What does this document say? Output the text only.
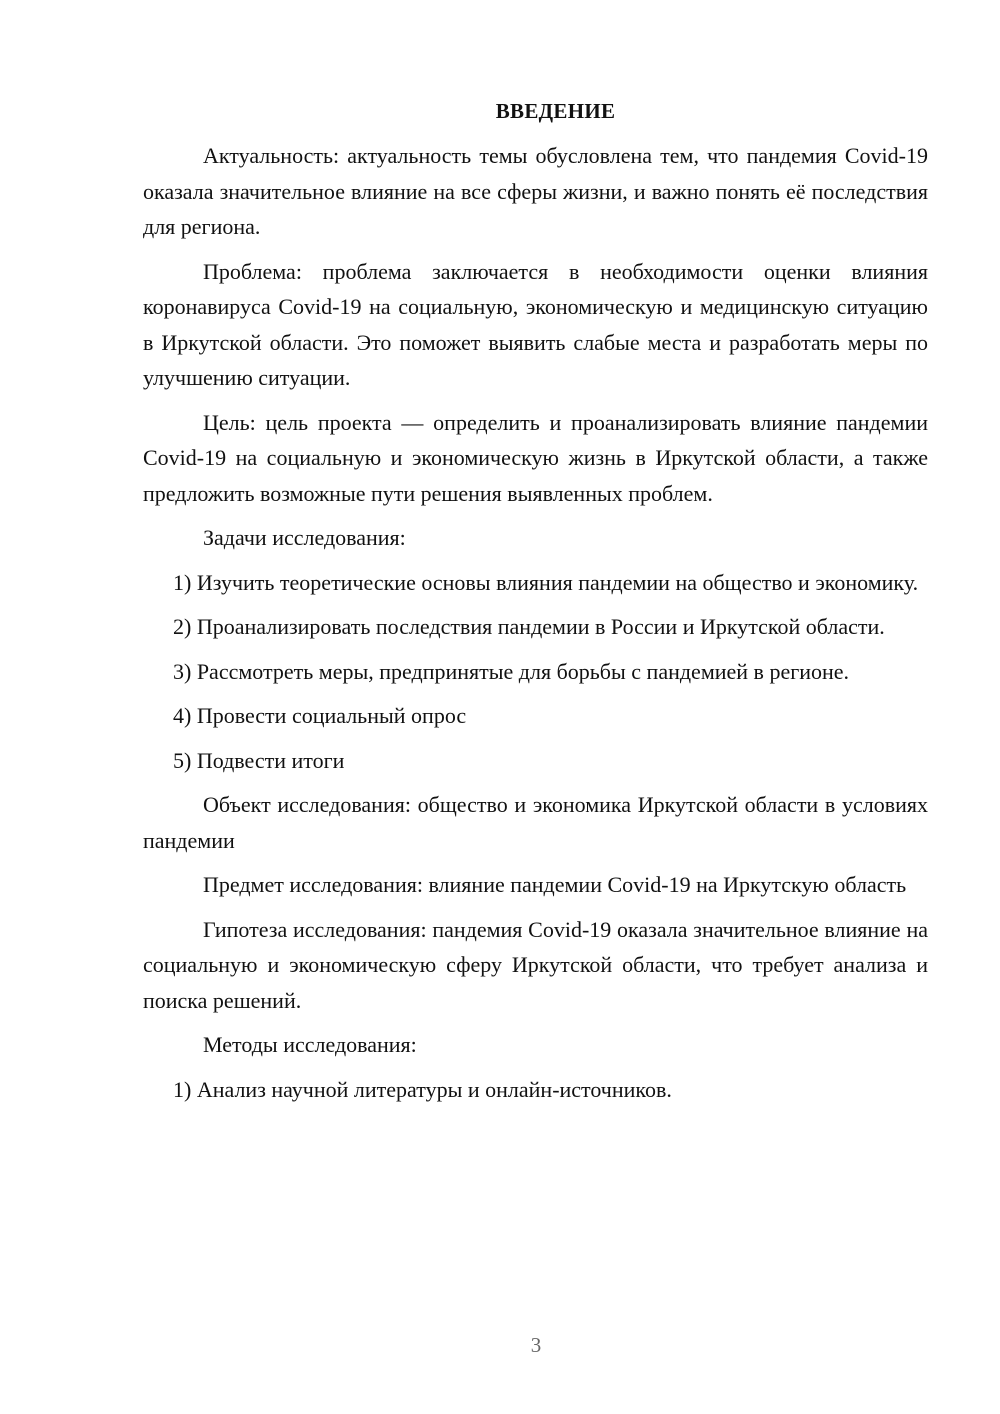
ВВЕДЕНИЕ

Актуальность: актуальность темы обусловлена тем, что пандемия Covid-19 оказала значительное влияние на все сферы жизни, и важно понять её последствия для региона.

Проблема: проблема заключается в необходимости оценки влияния коронавируса Covid-19 на социальную, экономическую и медицинскую ситуацию в Иркутской области. Это поможет выявить слабые места и разработать меры по улучшению ситуации.

Цель: цель проекта — определить и проанализировать влияние пандемии Covid-19 на социальную и экономическую жизнь в Иркутской области, а также предложить возможные пути решения выявленных проблем.

Задачи исследования:

1) Изучить теоретические основы влияния пандемии на общество и экономику.

2) Проанализировать последствия пандемии в России и Иркутской области.

3) Рассмотреть меры, предпринятые для борьбы с пандемией в регионе.

4) Провести социальный опрос

5) Подвести итоги

Объект исследования: общество и экономика Иркутской области в условиях пандемии

Предмет исследования: влияние пандемии Covid-19 на Иркутскую область

Гипотеза исследования: пандемия Covid-19 оказала значительное влияние на социальную и экономическую сферу Иркутской области, что требует анализа и поиска решений.

Методы исследования:

1) Анализ научной литературы и онлайн-источников.

3
